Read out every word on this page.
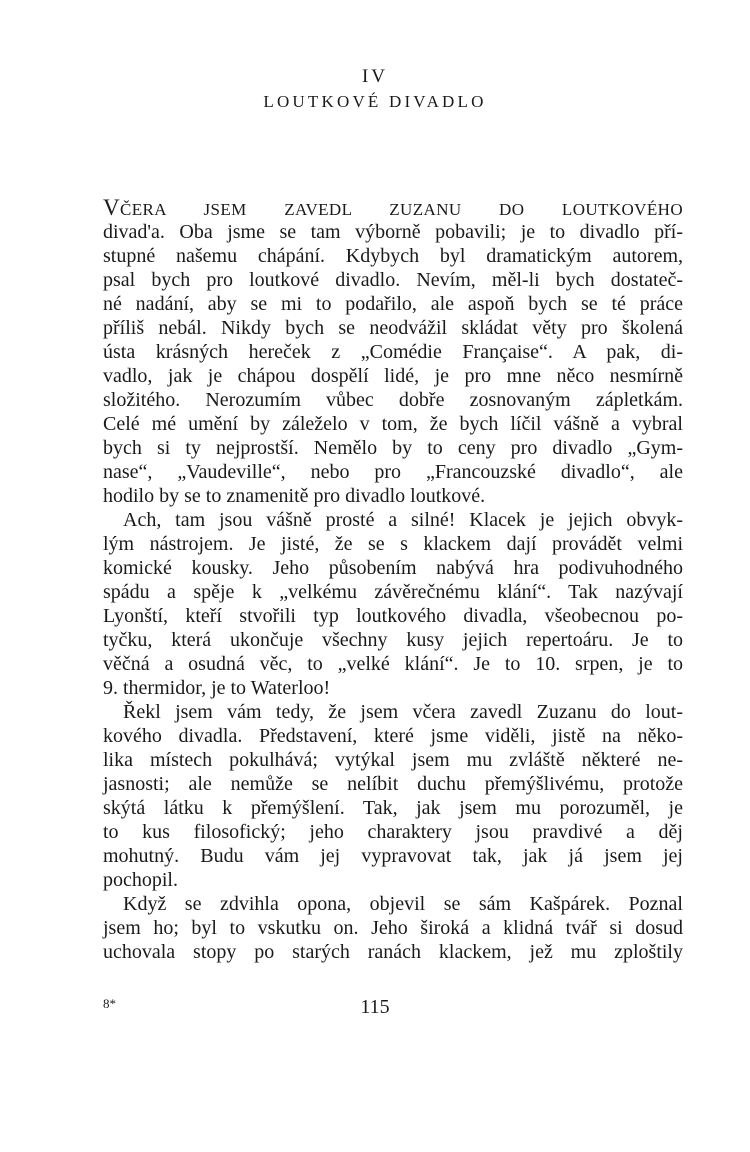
IV
LOUTKOVÉ DIVADLO
VČERA JSEM ZAVEDL ZUZANU DO LOUTKOVÉHO
divad'a. Oba jsme se tam výborně pobavili; je to divadlo pří-
stupné našemu chápání. Kdybych byl dramatickým autorem,
psal bych pro loutkové divadlo. Nevím, měl-li bych dostateč-
né nadání, aby se mi to podařilo, ale aspoň bych se té práce
příliš nebál. Nikdy bych se neodvážil skládat věty pro školená
ústa krásných hereček z „Comédie Française“. A pak, di-
vadlo, jak je chápou dospělí lidé, je pro mne něco nesmírně
složitého. Nerozumím vůbec dobře zosnovaným zápletkám.
Celé mé umění by záleželo v tom, že bych líčil vášně a vybral
bych si ty nejprostší. Nemělo by to ceny pro divadlo „Gym-
nase“, „Vaudeville“, nebo pro „Francouzské divadlo“, ale
hodilo by se to znamenitě pro divadlo loutkové.
Ach, tam jsou vášně prosté a silné! Klacek je jejich obvyk-
lým nástrojem. Je jisté, že se s klackem dají provádět velmi
komické kousky. Jeho působením nabývá hra podivuhodného
spádu a spěje k „velkému závěrečnému klání“. Tak nazývají
Lyonští, kteří stvořili typ loutkového divadla, všeobecnou po-
tyčku, která ukončuje všechny kusy jejich repertoáru. Je to
věčná a osudná věc, to „velké klání“. Je to 10. srpen, je to
9. thermidor, je to Waterloo!
Řekl jsem vám tedy, že jsem včera zavedl Zuzanu do lout-
kového divadla. Představení, které jsme viděli, jistě na něko-
lika místech pokulhává; vytýkal jsem mu zvláště některé ne-
jasnosti; ale nemůže se nelíbit duchu přemýšlivému, protože
skýtá látku k přemýšlení. Tak, jak jsem mu porozuměl, je
to kus filosofický; jeho charaktery jsou pravdivé a děj
mohutný. Budu vám jej vypravovat tak, jak já jsem jej
pochopil.
Když se zdvihla opona, objevil se sám Kašpárek. Poznal
jsem ho; byl to vskutku on. Jeho široká a klidná tvář si dosud
uchovala stopy po starých ranách klackem, jež mu zploštily
8*	115
